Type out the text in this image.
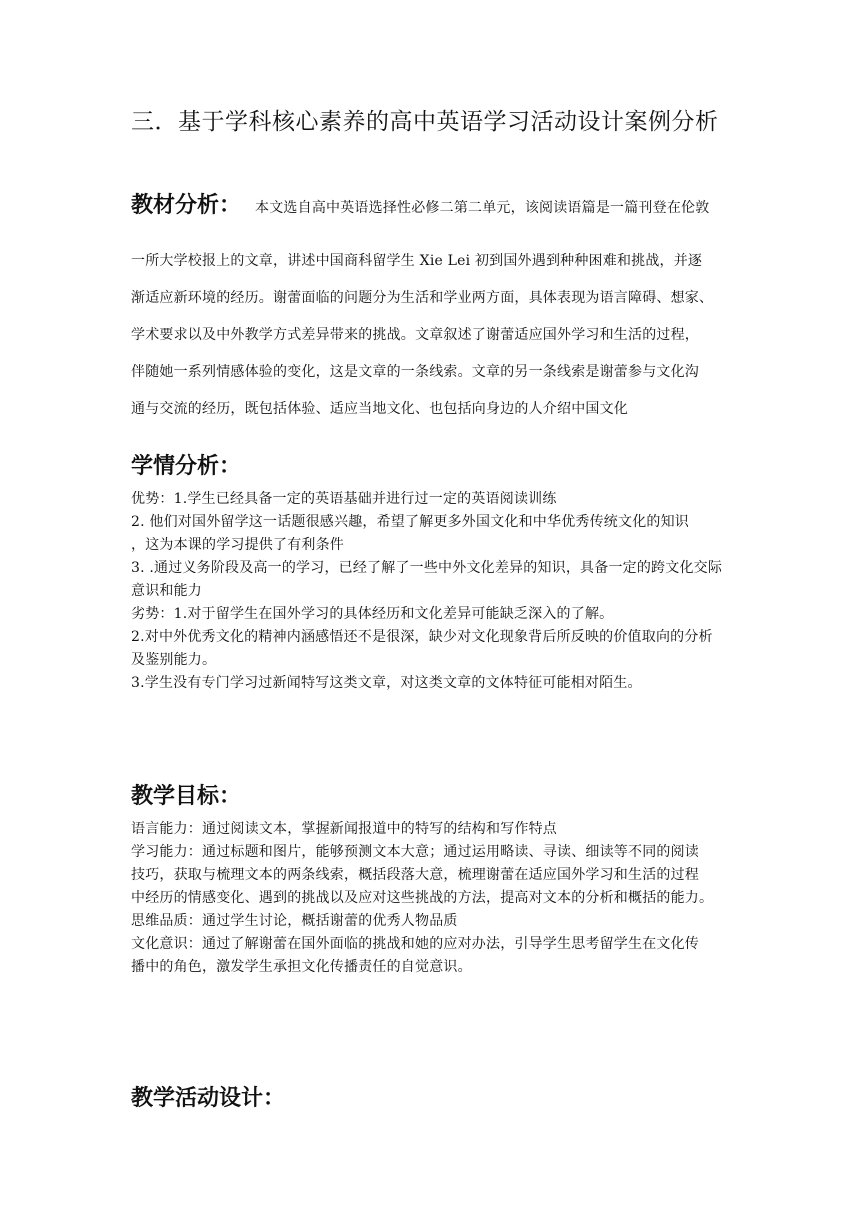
三．基于学科核心素养的高中英语学习活动设计案例分析
教材分析： 本文选自高中英语选择性必修二第二单元，该阅读语篇是一篇刊登在伦敦
一所大学校报上的文章，讲述中国商科留学生 Xie Lei 初到国外遇到种种困难和挑战，并逐
渐适应新环境的经历。谢蕾面临的问题分为生活和学业两方面，具体表现为语言障碍、想家、
学术要求以及中外教学方式差异带来的挑战。文章叙述了谢蕾适应国外学习和生活的过程，
伴随她一系列情感体验的变化，这是文章的一条线索。文章的另一条线索是谢蕾参与文化沟
通与交流的经历，既包括体验、适应当地文化、也包括向身边的人介绍中国文化
学情分析：
优势：1.学生已经具备一定的英语基础并进行过一定的英语阅读训练
2. 他们对国外留学这一话题很感兴趣，希望了解更多外国文化和中华优秀传统文化的知识
，这为本课的学习提供了有利条件
3. .通过义务阶段及高一的学习，已经了解了一些中外文化差异的知识，具备一定的跨文化交际
意识和能力
劣势：1.对于留学生在国外学习的具体经历和文化差异可能缺乏深入的了解。
2.对中外优秀文化的精神内涵感悟还不是很深，缺少对文化现象背后所反映的价值取向的分析
及鉴别能力。
3.学生没有专门学习过新闻特写这类文章，对这类文章的文体特征可能相对陌生。
教学目标：
语言能力：通过阅读文本，掌握新闻报道中的特写的结构和写作特点
学习能力：通过标题和图片，能够预测文本大意；通过运用略读、寻读、细读等不同的阅读
技巧，获取与梳理文本的两条线索，概括段落大意，梳理谢蕾在适应国外学习和生活的过程
中经历的情感变化、遇到的挑战以及应对这些挑战的方法，提高对文本的分析和概括的能力。
思维品质：通过学生讨论，概括谢蕾的优秀人物品质
文化意识：通过了解谢蕾在国外面临的挑战和她的应对办法，引导学生思考留学生在文化传
播中的角色，激发学生承担文化传播责任的自觉意识。
教学活动设计：
